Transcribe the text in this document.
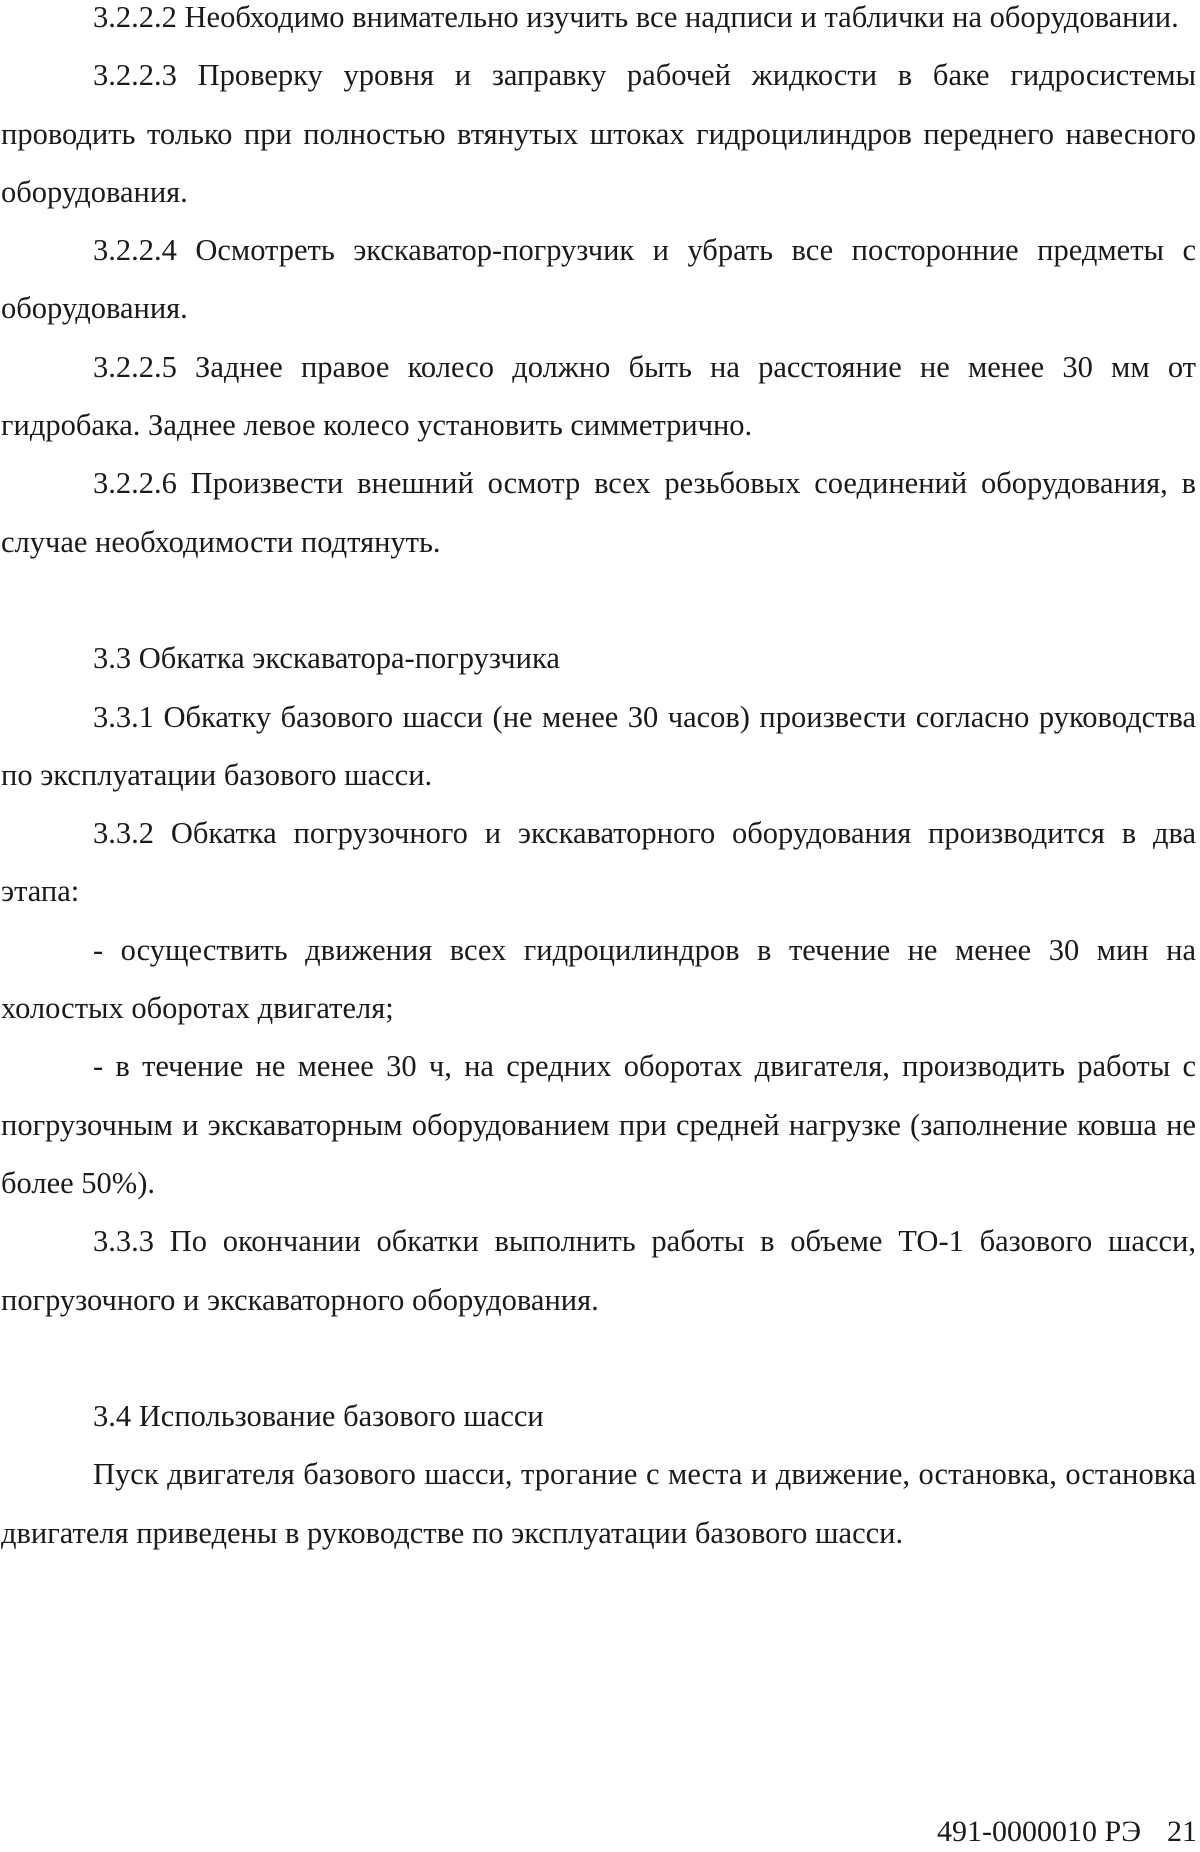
3.2.2.2 Необходимо внимательно изучить все надписи и таблички на оборудовании.

3.2.2.3 Проверку уровня и заправку рабочей жидкости в баке гидросистемы проводить только при полностью втянутых штоках гидроцилиндров переднего навесного оборудования.

3.2.2.4 Осмотреть экскаватор-погрузчик и убрать все посторонние предметы с оборудования.

3.2.2.5 Заднее правое колесо должно быть на расстояние не менее 30 мм от гидробака. Заднее левое колесо установить симметрично.

3.2.2.6 Произвести внешний осмотр всех резьбовых соединений оборудования, в случае необходимости подтянуть.

3.3 Обкатка экскаватора-погрузчика

3.3.1 Обкатку базового шасси (не менее 30 часов) произвести согласно руководства по эксплуатации базового шасси.

3.3.2 Обкатка погрузочного и экскаваторного оборудования производится в два этапа:

- осуществить движения всех гидроцилиндров в течение не менее 30 мин на холостых оборотах двигателя;

- в течение не менее 30 ч, на средних оборотах двигателя, производить работы с погрузочным и экскаваторным оборудованием при средней нагрузке (заполнение ковша не более 50%).

3.3.3 По окончании обкатки выполнить работы в объеме ТО-1 базового шасси, погрузочного и экскаваторного оборудования.

3.4 Использование базового шасси

Пуск двигателя базового шасси, трогание с места и движение, остановка, остановка двигателя приведены в руководстве по эксплуатации базового шасси.

491-0000010 РЭ 21
